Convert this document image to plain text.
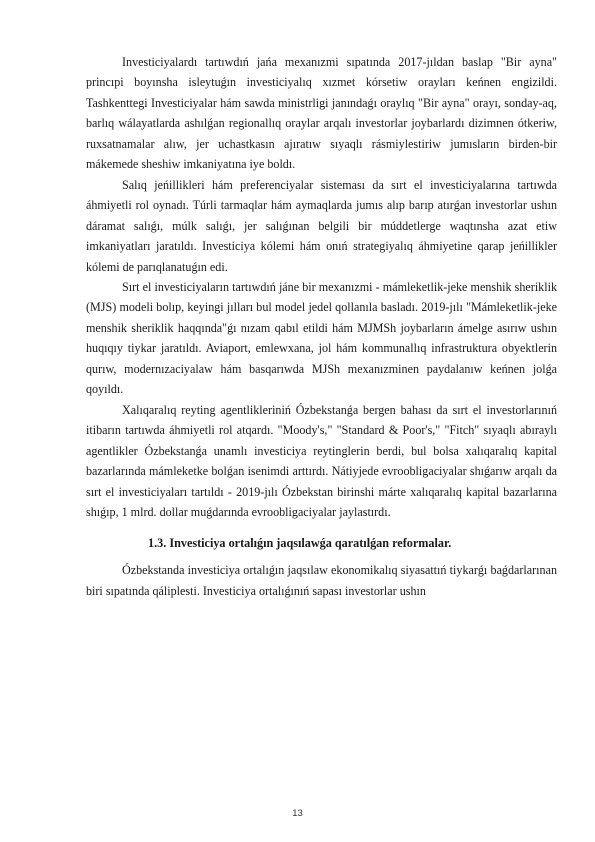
Investiciyalardı tartıwdıń jańa mexanızmi sıpatında 2017-jıldan baslap "Bir ayna" princıpi boyınsha isleytuǵın investiciyalıq xızmet kórsetiw orayları keńnen engizildi. Tashkenttegi Investiciyalar hám sawda ministrligi janındaǵı oraylıq "Bir ayna" orayı, sonday-aq, barlıq wálayatlarda ashılǵan regionallıq oraylar arqalı investorlar joybarlardı dizimnen ótkeriw, ruxsatnamalar alıw, jer uchastkasın ajıratıw sıyaqlı rásmiylestiriw jumısların birden-bir mákemede sheshiw imkaniyatına iye boldı.

Salıq jeńillikleri hám preferenciyalar sisteması da sırt el investiciyalarına tartıwda áhmiyetli rol oynadı. Túrli tarmaqlar hám aymaqlarda jumıs alıp barıp atırǵan investorlar ushın dáramat salıǵı, múlk salıǵı, jer salıǵınan belgili bir múddetlerge waqtınsha azat etiw imkaniyatları jaratıldı. Investiciya kólemi hám onıń strategiyalıq áhmiyetine qarap jeńillikler kólemi de parıqlanatuǵın edi.

Sırt el investiciyaların tartıwdıń jáne bir mexanızmi - mámleketlik-jeke menshik sheriklik (MJS) modeli bolıp, keyingi jılları bul model jedel qollanıla basladı. 2019-jılı "Mámleketlik-jeke menshik sheriklik haqqında"ǵı nızam qabıl etildi hám MJMSh joybarların ámelge asırıw ushın huqıqıy tiykar jaratıldı. Aviaport, emlewxana, jol hám kommunallıq infrastruktura obyektlerin qurıw, modernızaciyalaw hám basqarıwda MJSh mexanızminen paydalanıw keńnen jolǵa qoyıldı.

Xalıqaralıq reyting agentlikleriniń Ózbekstanǵa bergen bahası da sırt el investorlarınıń itibarın tartıwda áhmiyetli rol atqardı. "Moody's," "Standard & Poor's," "Fitch" sıyaqlı abıraylı agentlikler Ózbekstanǵa unamlı investiciya reytinglerin berdi, bul bolsa xalıqaralıq kapital bazarlarında mámleketke bolǵan isenimdi arttırdı. Nátiyjede evroobligaciyalar shıǵarıw arqalı da sırt el investiciyaları tartıldı - 2019-jılı Ózbekstan birinshi márte xalıqaralıq kapital bazarlarına shıǵıp, 1 mlrd. dollar muǵdarında evroobligaciyalar jaylastırdı.

1.3. Investiciya ortalıǵın jaqsılawǵa qaratılǵan reformalar.

Ózbekstanda investiciya ortalıǵın jaqsılaw ekonomikalıq siyasattıń tiykarǵı baǵdarlarınan biri sıpatında qáliplesti. Investiciya ortalıǵınıń sapası investorlar ushın

13
